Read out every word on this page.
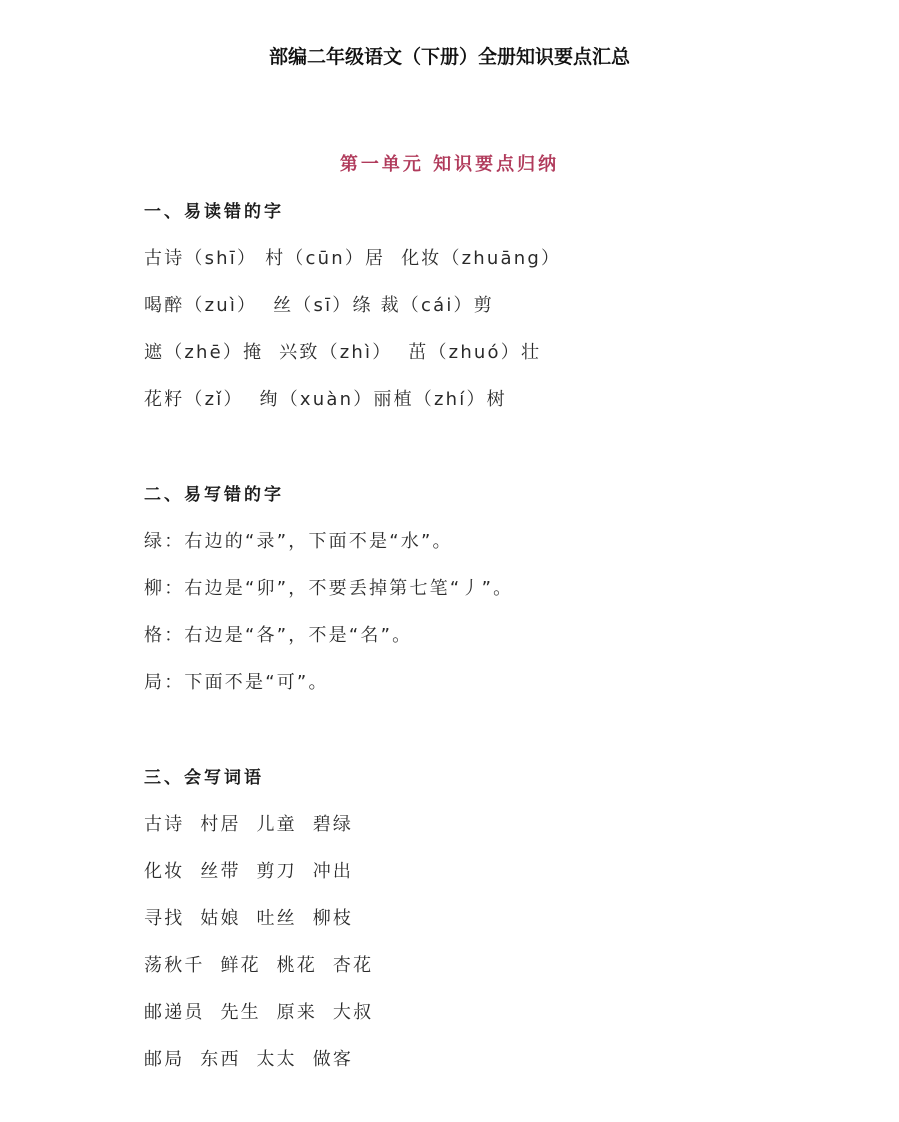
部编二年级语文（下册）全册知识要点汇总
第一单元 知识要点归纳
一、易读错的字
古诗（shī） 村（cūn）居  化妆（zhuāng）
喝醉（zuì）  丝（sī）绦 裁（cái）剪
遮（zhē）掩  兴致（zhì）  茁（zhuó）壮
花籽（zǐ）  绚（xuàn）丽植（zhí）树
二、易写错的字
绿：右边的“录”，下面不是“水”。
柳：右边是“卯”，不要丢掉第七笔“丿”。
格：右边是“各”，不是“名”。
局：下面不是“可”。
三、会写词语
古诗  村居  儿童  碧绿
化妆  丝带  剪刀  冲出
寻找  姑娘  吐丝  柳枝
荡秋千  鲜花  桃花  杏花
邮递员  先生  原来  大叔
邮局  东西  太太  做客
